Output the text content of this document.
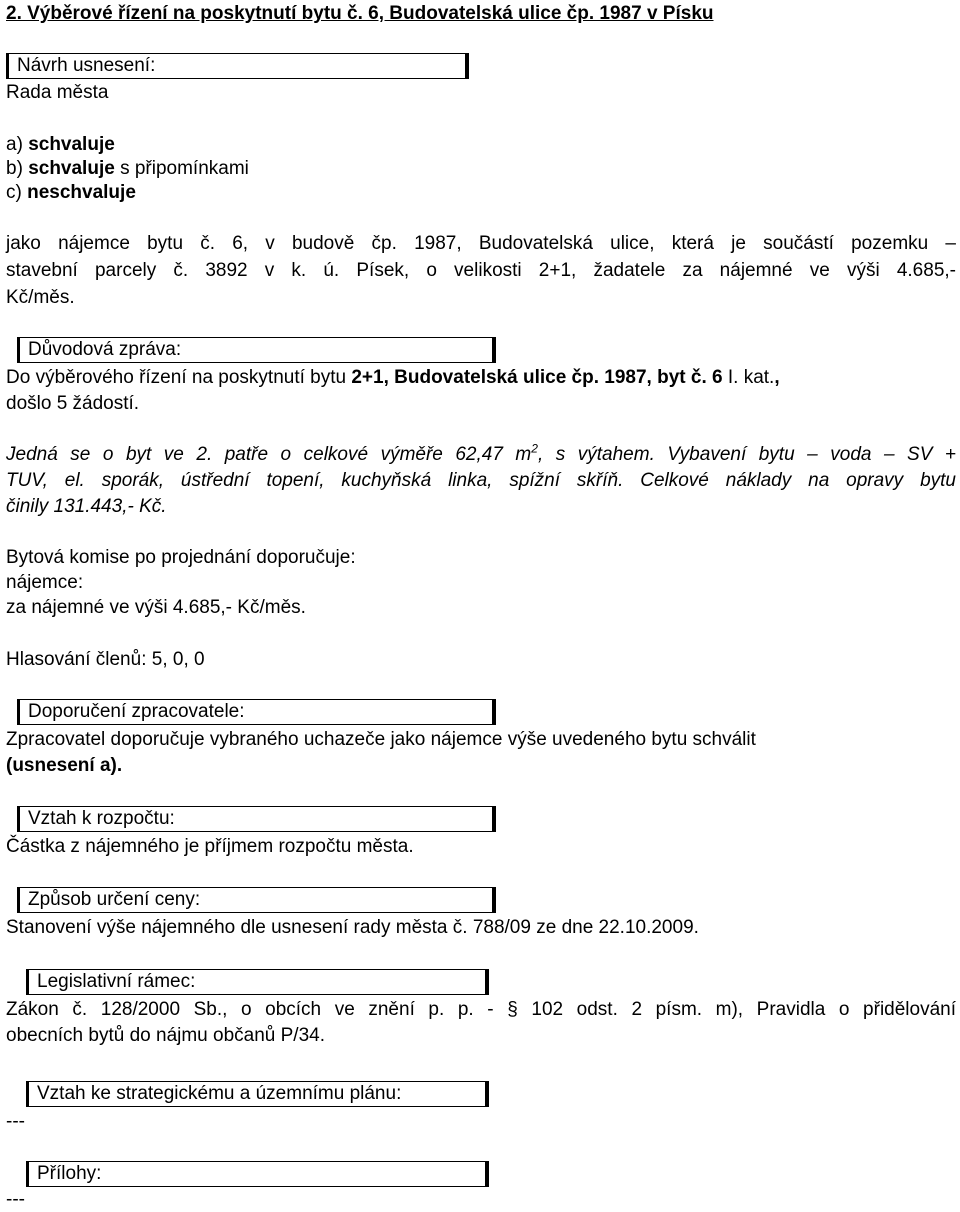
2. Výběrové řízení na poskytnutí bytu č. 6, Budovatelská ulice čp. 1987 v Písku
Návrh usnesení:
Rada města
a) schvaluje
b) schvaluje s připomínkami
c) neschvaluje
jako nájemce bytu č. 6, v budově čp. 1987, Budovatelská ulice, která je součástí pozemku –
stavební parcely č. 3892 v k. ú. Písek, o velikosti 2+1, žadatele za nájemné ve výši 4.685,-
Kč/měs.
Důvodová zpráva:
Do výběrového řízení na poskytnutí bytu 2+1, Budovatelská ulice čp. 1987, byt č. 6 I. kat.,
došlo 5 žádostí.
Jedná se o byt ve 2. patře o celkové výměře 62,47 $m^2$, s výtahem. Vybavení bytu – voda – SV +
TUV, el. sporák, ústřední topení, kuchyňská linka, spížní skříň. Celkové náklady na opravy bytu
činily 131.443,- Kč.
Bytová komise po projednání doporučuje:
nájemce:
za nájemné ve výši 4.685,- Kč/měs.
Hlasování členů: 5, 0, 0
Doporučení zpracovatele:
Zpracovatel doporučuje vybraného uchazeče jako nájemce výše uvedeného bytu schválit
(usnesení a).
Vztah k rozpočtu:
Částka z nájemného je příjmem rozpočtu města.
Způsob určení ceny:
Stanovení výše nájemného dle usnesení rady města č. 788/09 ze dne 22.10.2009.
Legislativní rámec:
Zákon č. 128/2000 Sb., o obcích ve znění p. p. - § 102 odst. 2 písm. m), Pravidla o přidělování
obecních bytů do nájmu občanů P/34.
Vztah ke strategickému a územnímu plánu:
---
Přílohy:
---
